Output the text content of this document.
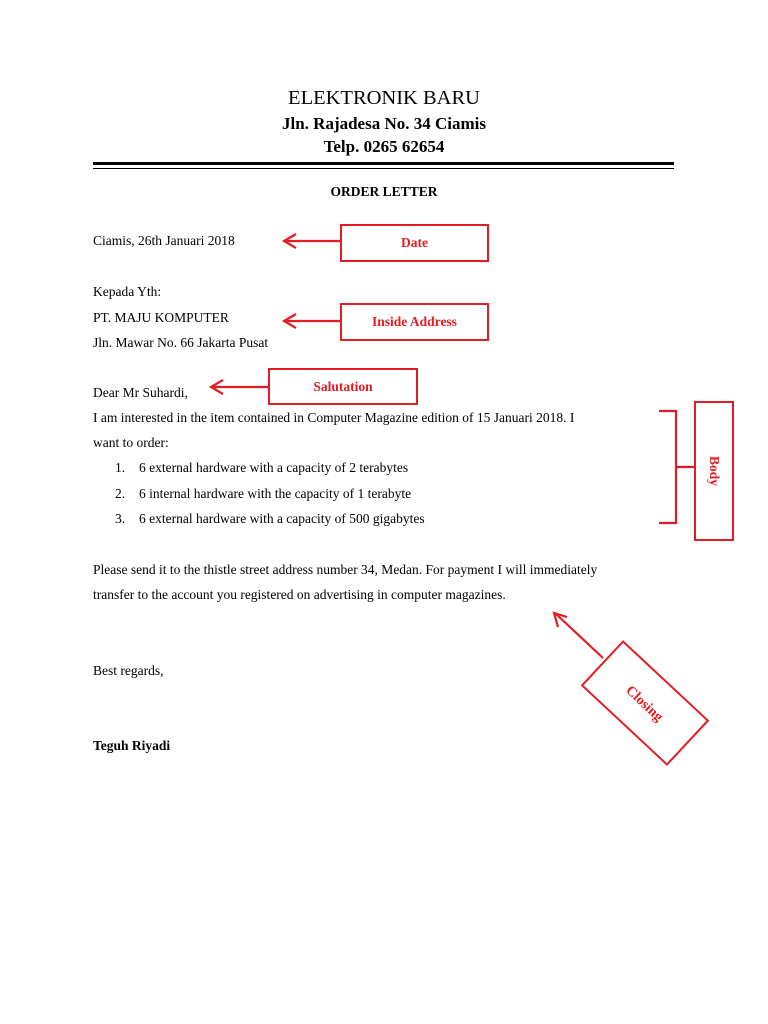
ELEKTRONIK BARU
Jln. Rajadesa No. 34 Ciamis
Telp. 0265 62654
ORDER LETTER
Ciamis, 26th Januari 2018
Kepada Yth:
PT. MAJU KOMPUTER
Jln. Mawar No. 66 Jakarta Pusat
Dear Mr Suhardi,
I am interested in the item contained in Computer Magazine edition of 15 Januari 2018. I
want to order:
1. 6 external hardware with a capacity of 2 terabytes
2. 6 internal hardware with the capacity of 1 terabyte
3. 6 external hardware with a capacity of 500 gigabytes
Please send it to the thistle street address number 34, Medan. For payment I will immediately
transfer to the account you registered on advertising in computer magazines.
Best regards,
Teguh Riyadi
Closing
Date
Inside Address
Salutation
Body
